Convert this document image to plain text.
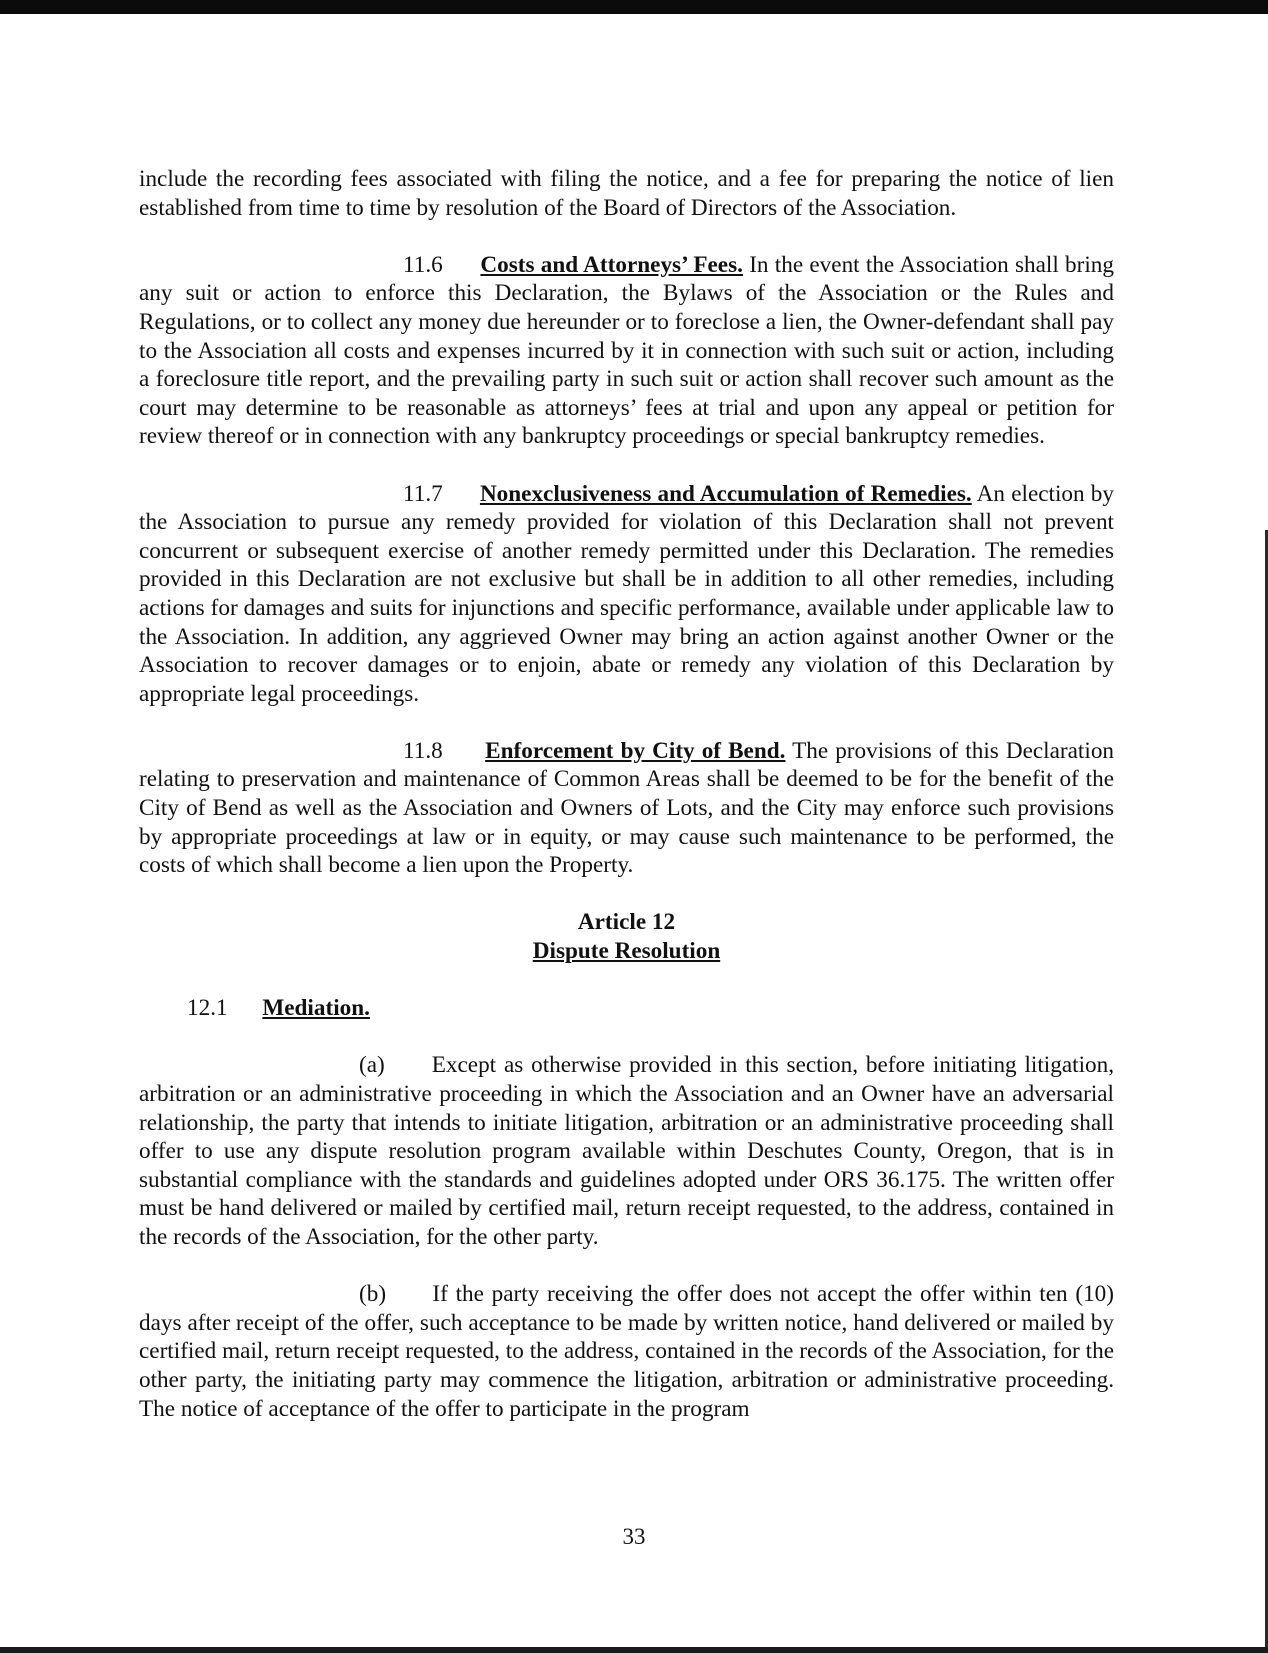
include the recording fees associated with filing the notice, and a fee for preparing the notice of lien established from time to time by resolution of the Board of Directors of the Association.

11.6 Costs and Attorneys’ Fees. In the event the Association shall bring any suit or action to enforce this Declaration, the Bylaws of the Association or the Rules and Regulations, or to collect any money due hereunder or to foreclose a lien, the Owner-defendant shall pay to the Association all costs and expenses incurred by it in connection with such suit or action, including a foreclosure title report, and the prevailing party in such suit or action shall recover such amount as the court may determine to be reasonable as attorneys’ fees at trial and upon any appeal or petition for review thereof or in connection with any bankruptcy proceedings or special bankruptcy remedies.

11.7 Nonexclusiveness and Accumulation of Remedies. An election by the Association to pursue any remedy provided for violation of this Declaration shall not prevent concurrent or subsequent exercise of another remedy permitted under this Declaration. The remedies provided in this Declaration are not exclusive but shall be in addition to all other remedies, including actions for damages and suits for injunctions and specific performance, available under applicable law to the Association. In addition, any aggrieved Owner may bring an action against another Owner or the Association to recover damages or to enjoin, abate or remedy any violation of this Declaration by appropriate legal proceedings.

11.8 Enforcement by City of Bend. The provisions of this Declaration relating to preservation and maintenance of Common Areas shall be deemed to be for the benefit of the City of Bend as well as the Association and Owners of Lots, and the City may enforce such provisions by appropriate proceedings at law or in equity, or may cause such maintenance to be performed, the costs of which shall become a lien upon the Property.

Article 12

Dispute Resolution

12.1 Mediation.

(a) Except as otherwise provided in this section, before initiating litigation, arbitration or an administrative proceeding in which the Association and an Owner have an adversarial relationship, the party that intends to initiate litigation, arbitration or an administrative proceeding shall offer to use any dispute resolution program available within Deschutes County, Oregon, that is in substantial compliance with the standards and guidelines adopted under ORS 36.175. The written offer must be hand delivered or mailed by certified mail, return receipt requested, to the address, contained in the records of the Association, for the other party.

(b) If the party receiving the offer does not accept the offer within ten (10) days after receipt of the offer, such acceptance to be made by written notice, hand delivered or mailed by certified mail, return receipt requested, to the address, contained in the records of the Association, for the other party, the initiating party may commence the litigation, arbitration or administrative proceeding. The notice of acceptance of the offer to participate in the program

33
